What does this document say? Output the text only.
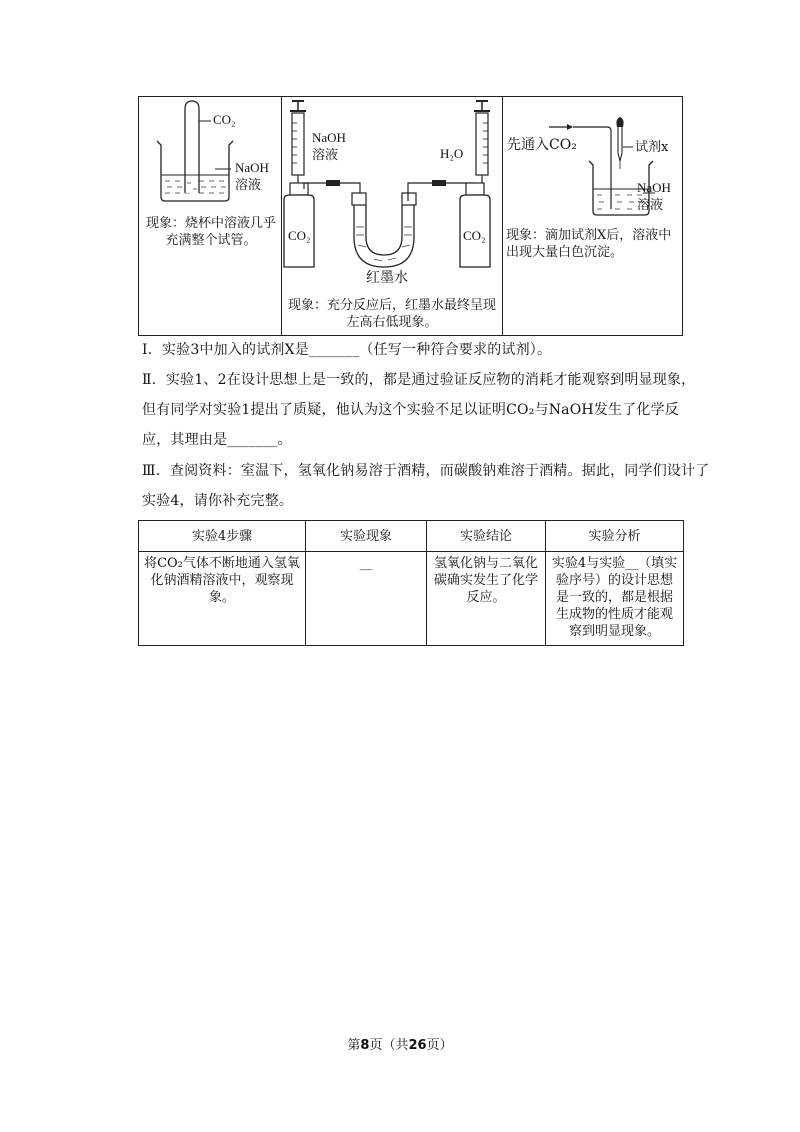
CO₂
NaOH
溶液
现象：烧杯中溶液几乎充满整个试管。
NaOH
溶液	H₂O
CO₂	CO₂
红墨水
现象：充分反应后，红墨水最终呈现左高右低现象。
先通入CO₂	试剂x
NaOH
溶液
现象：滴加试剂X后，溶液中出现大量白色沉淀。
Ⅰ．实验3中加入的试剂X是_______（任写一种符合要求的试剂）。
Ⅱ．实验1、2在设计思想上是一致的，都是通过验证反应物的消耗才能观察到明显现象，
但有同学对实验1提出了质疑，他认为这个实验不足以证明CO₂与NaOH发生了化学反
应，其理由是_______。
Ⅲ．查阅资料：室温下，氢氧化钠易溶于酒精，而碳酸钠难溶于酒精。据此，同学们设计了
实验4，请你补充完整。
实验4步骤	实验现象	实验结论	实验分析
将CO₂气体不断地通入氢氧化钠酒精溶液中，观察现象。	__	氢氧化钠与二氧化碳确实发生了化学反应。	实验4与实验__（填实验序号）的设计思想是一致的，都是根据生成物的性质才能观察到明显现象。
第8页（共26页）
